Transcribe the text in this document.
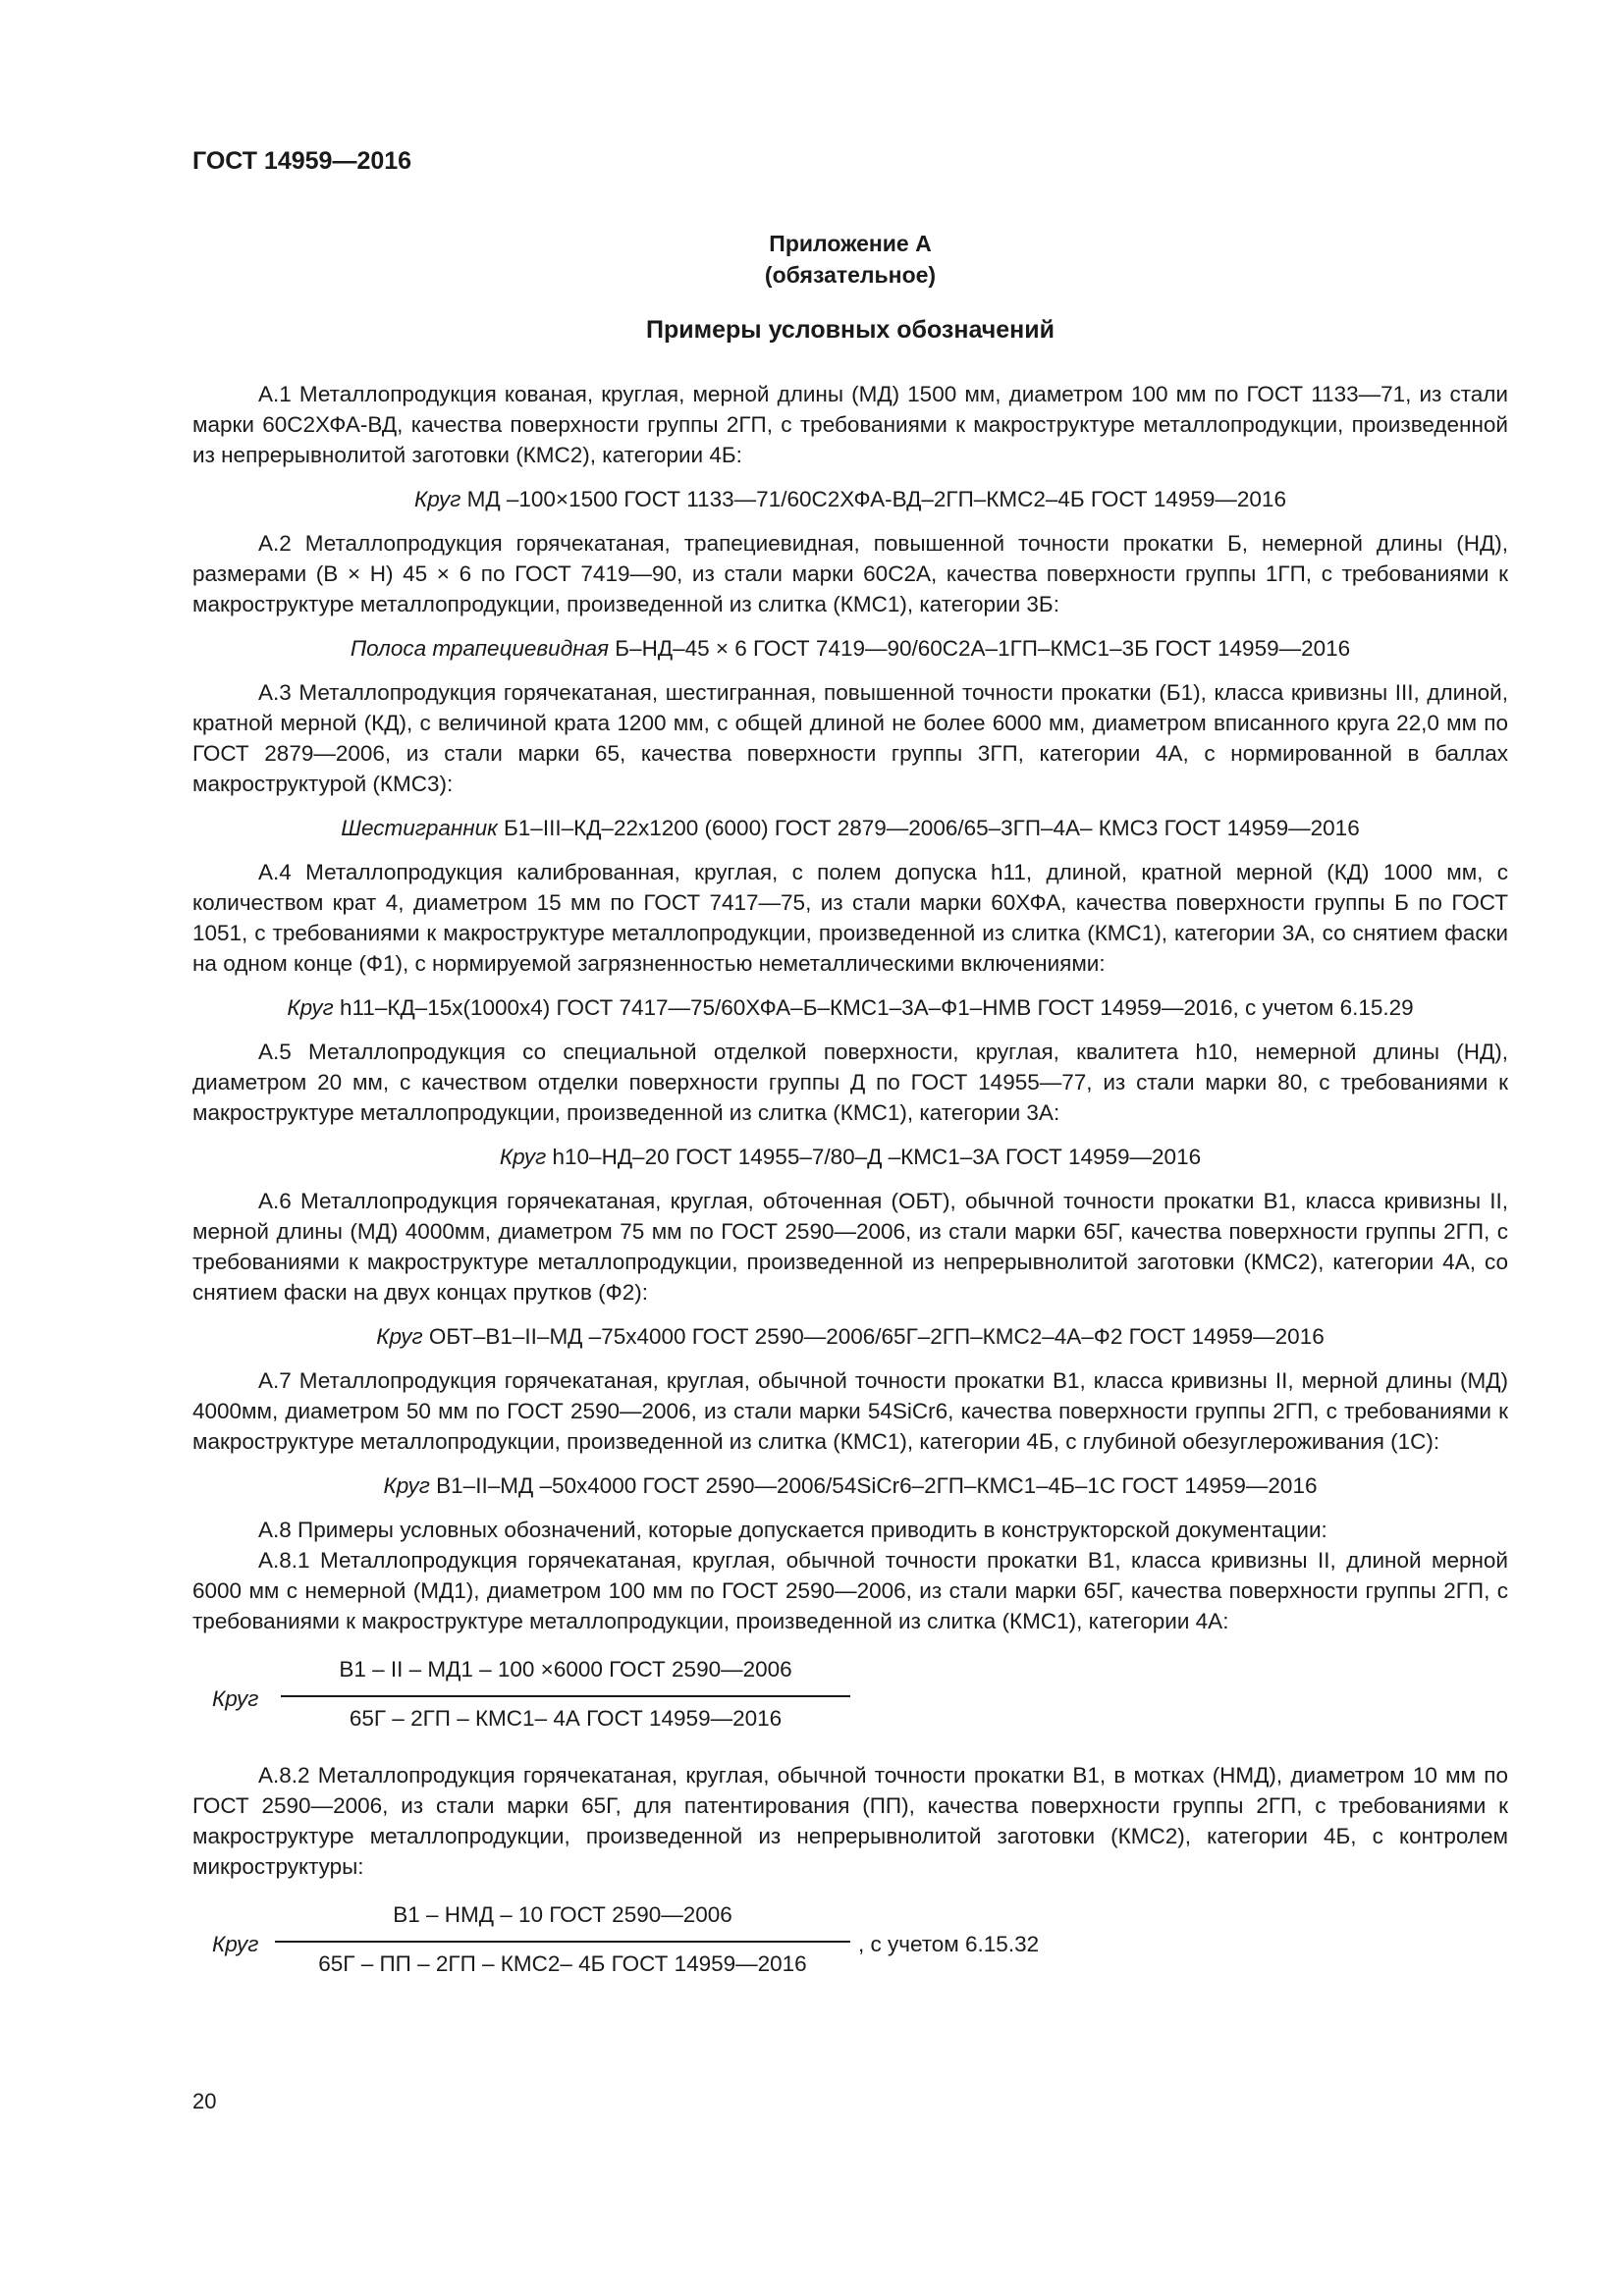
ГОСТ 14959—2016
Приложение А
(обязательное)
Примеры условных обозначений

А.1 Металлопродукция кованая, круглая, мерной длины (МД) 1500 мм, диаметром 100 мм по ГОСТ 1133—71, из стали марки 60С2ХФА-ВД, качества поверхности группы 2ГП, с требованиями к макроструктуре металлопродукции, произведенной из непрерывнолитой заготовки (КМС2), категории 4Б:

Круг МД –100×1500 ГОСТ 1133—71/60С2ХФА-ВД–2ГП–КМС2–4Б ГОСТ 14959—2016

А.2 Металлопродукция горячекатаная, трапециевидная, повышенной точности прокатки Б, немерной длины (НД), размерами (В × Н) 45 × 6 по ГОСТ 7419—90, из стали марки 60С2А, качества поверхности группы 1ГП, с требованиями к макроструктуре металлопродукции, произведенной из слитка (КМС1), категории 3Б:

Полоса трапециевидная Б–НД–45 × 6 ГОСТ 7419—90/60С2А–1ГП–КМС1–3Б ГОСТ 14959—2016

А.3 Металлопродукция горячекатаная, шестигранная, повышенной точности прокатки (Б1), класса кривизны III, длиной, кратной мерной (КД), с величиной крата 1200 мм, с общей длиной не более 6000 мм, диаметром вписанного круга 22,0 мм по ГОСТ 2879—2006, из стали марки 65, качества поверхности группы 3ГП, категории 4А, с нормированной в баллах макроструктурой (КМС3):

Шестигранник Б1–III–КД–22х1200 (6000) ГОСТ 2879—2006/65–3ГП–4А– КМС3 ГОСТ 14959—2016

А.4 Металлопродукция калиброванная, круглая, с полем допуска h11, длиной, кратной мерной (КД) 1000 мм, с количеством крат 4, диаметром 15 мм по ГОСТ 7417—75, из стали марки 60ХФА, качества поверхности группы Б по ГОСТ 1051, с требованиями к макроструктуре металлопродукции, произведенной из слитка (КМС1), категории 3А, со снятием фаски на одном конце (Ф1), с нормируемой загрязненностью неметаллическими включениями:

Круг h11–КД–15х(1000х4) ГОСТ 7417—75/60ХФА–Б–КМС1–3А–Ф1–НМВ ГОСТ 14959—2016, с учетом 6.15.29

А.5 Металлопродукция со специальной отделкой поверхности, круглая, квалитета h10, немерной длины (НД), диаметром 20 мм, с качеством отделки поверхности группы Д по ГОСТ 14955—77, из стали марки 80, с требованиями к макроструктуре металлопродукции, произведенной из слитка (КМС1), категории 3А:

Круг h10–НД–20 ГОСТ 14955–7/80–Д –КМС1–3А ГОСТ 14959—2016

А.6 Металлопродукция горячекатаная, круглая, обточенная (ОБТ), обычной точности прокатки В1, класса кривизны II, мерной длины (МД) 4000мм, диаметром 75 мм по ГОСТ 2590—2006, из стали марки 65Г, качества поверхности группы 2ГП, с требованиями к макроструктуре металлопродукции, произведенной из непрерывнолитой заготовки (КМС2), категории 4А, со снятием фаски на двух концах прутков (Ф2):

Круг ОБТ–В1–II–МД –75х4000 ГОСТ 2590—2006/65Г–2ГП–КМС2–4А–Ф2 ГОСТ 14959—2016

А.7 Металлопродукция горячекатаная, круглая, обычной точности прокатки В1, класса кривизны II, мерной длины (МД) 4000мм, диаметром 50 мм по ГОСТ 2590—2006, из стали марки 54SiCr6, качества поверхности группы 2ГП, с требованиями к макроструктуре металлопродукции, произведенной из слитка (КМС1), категории 4Б, с глубиной обезуглероживания (1С):

Круг В1–II–МД –50х4000 ГОСТ 2590—2006/54SiCr6–2ГП–КМС1–4Б–1С ГОСТ 14959—2016

А.8 Примеры условных обозначений, которые допускается приводить в конструкторской документации:

А.8.1 Металлопродукция горячекатаная, круглая, обычной точности прокатки В1, класса кривизны II, длиной мерной 6000 мм с немерной (МД1), диаметром 100 мм по ГОСТ 2590—2006, из стали марки 65Г, качества поверхности группы 2ГП, с требованиями к макроструктуре металлопродукции, произведенной из слитка (КМС1), категории 4А:

Круг
В1 – II – МД1 – 100 ×6000 ГОСТ 2590—2006
65Г – 2ГП – КМС1– 4А ГОСТ 14959—2016

А.8.2 Металлопродукция горячекатаная, круглая, обычной точности прокатки В1, в мотках (НМД), диаметром 10 мм по ГОСТ 2590—2006, из стали марки 65Г, для патентирования (ПП), качества поверхности группы 2ГП, с требованиями к макроструктуре металлопродукции, произведенной из непрерывнолитой заготовки (КМС2), категории 4Б, с контролем микроструктуры:

Круг
В1 – НМД – 10 ГОСТ 2590—2006
65Г – ПП – 2ГП – КМС2– 4Б ГОСТ 14959—2016
, с учетом 6.15.32
20
